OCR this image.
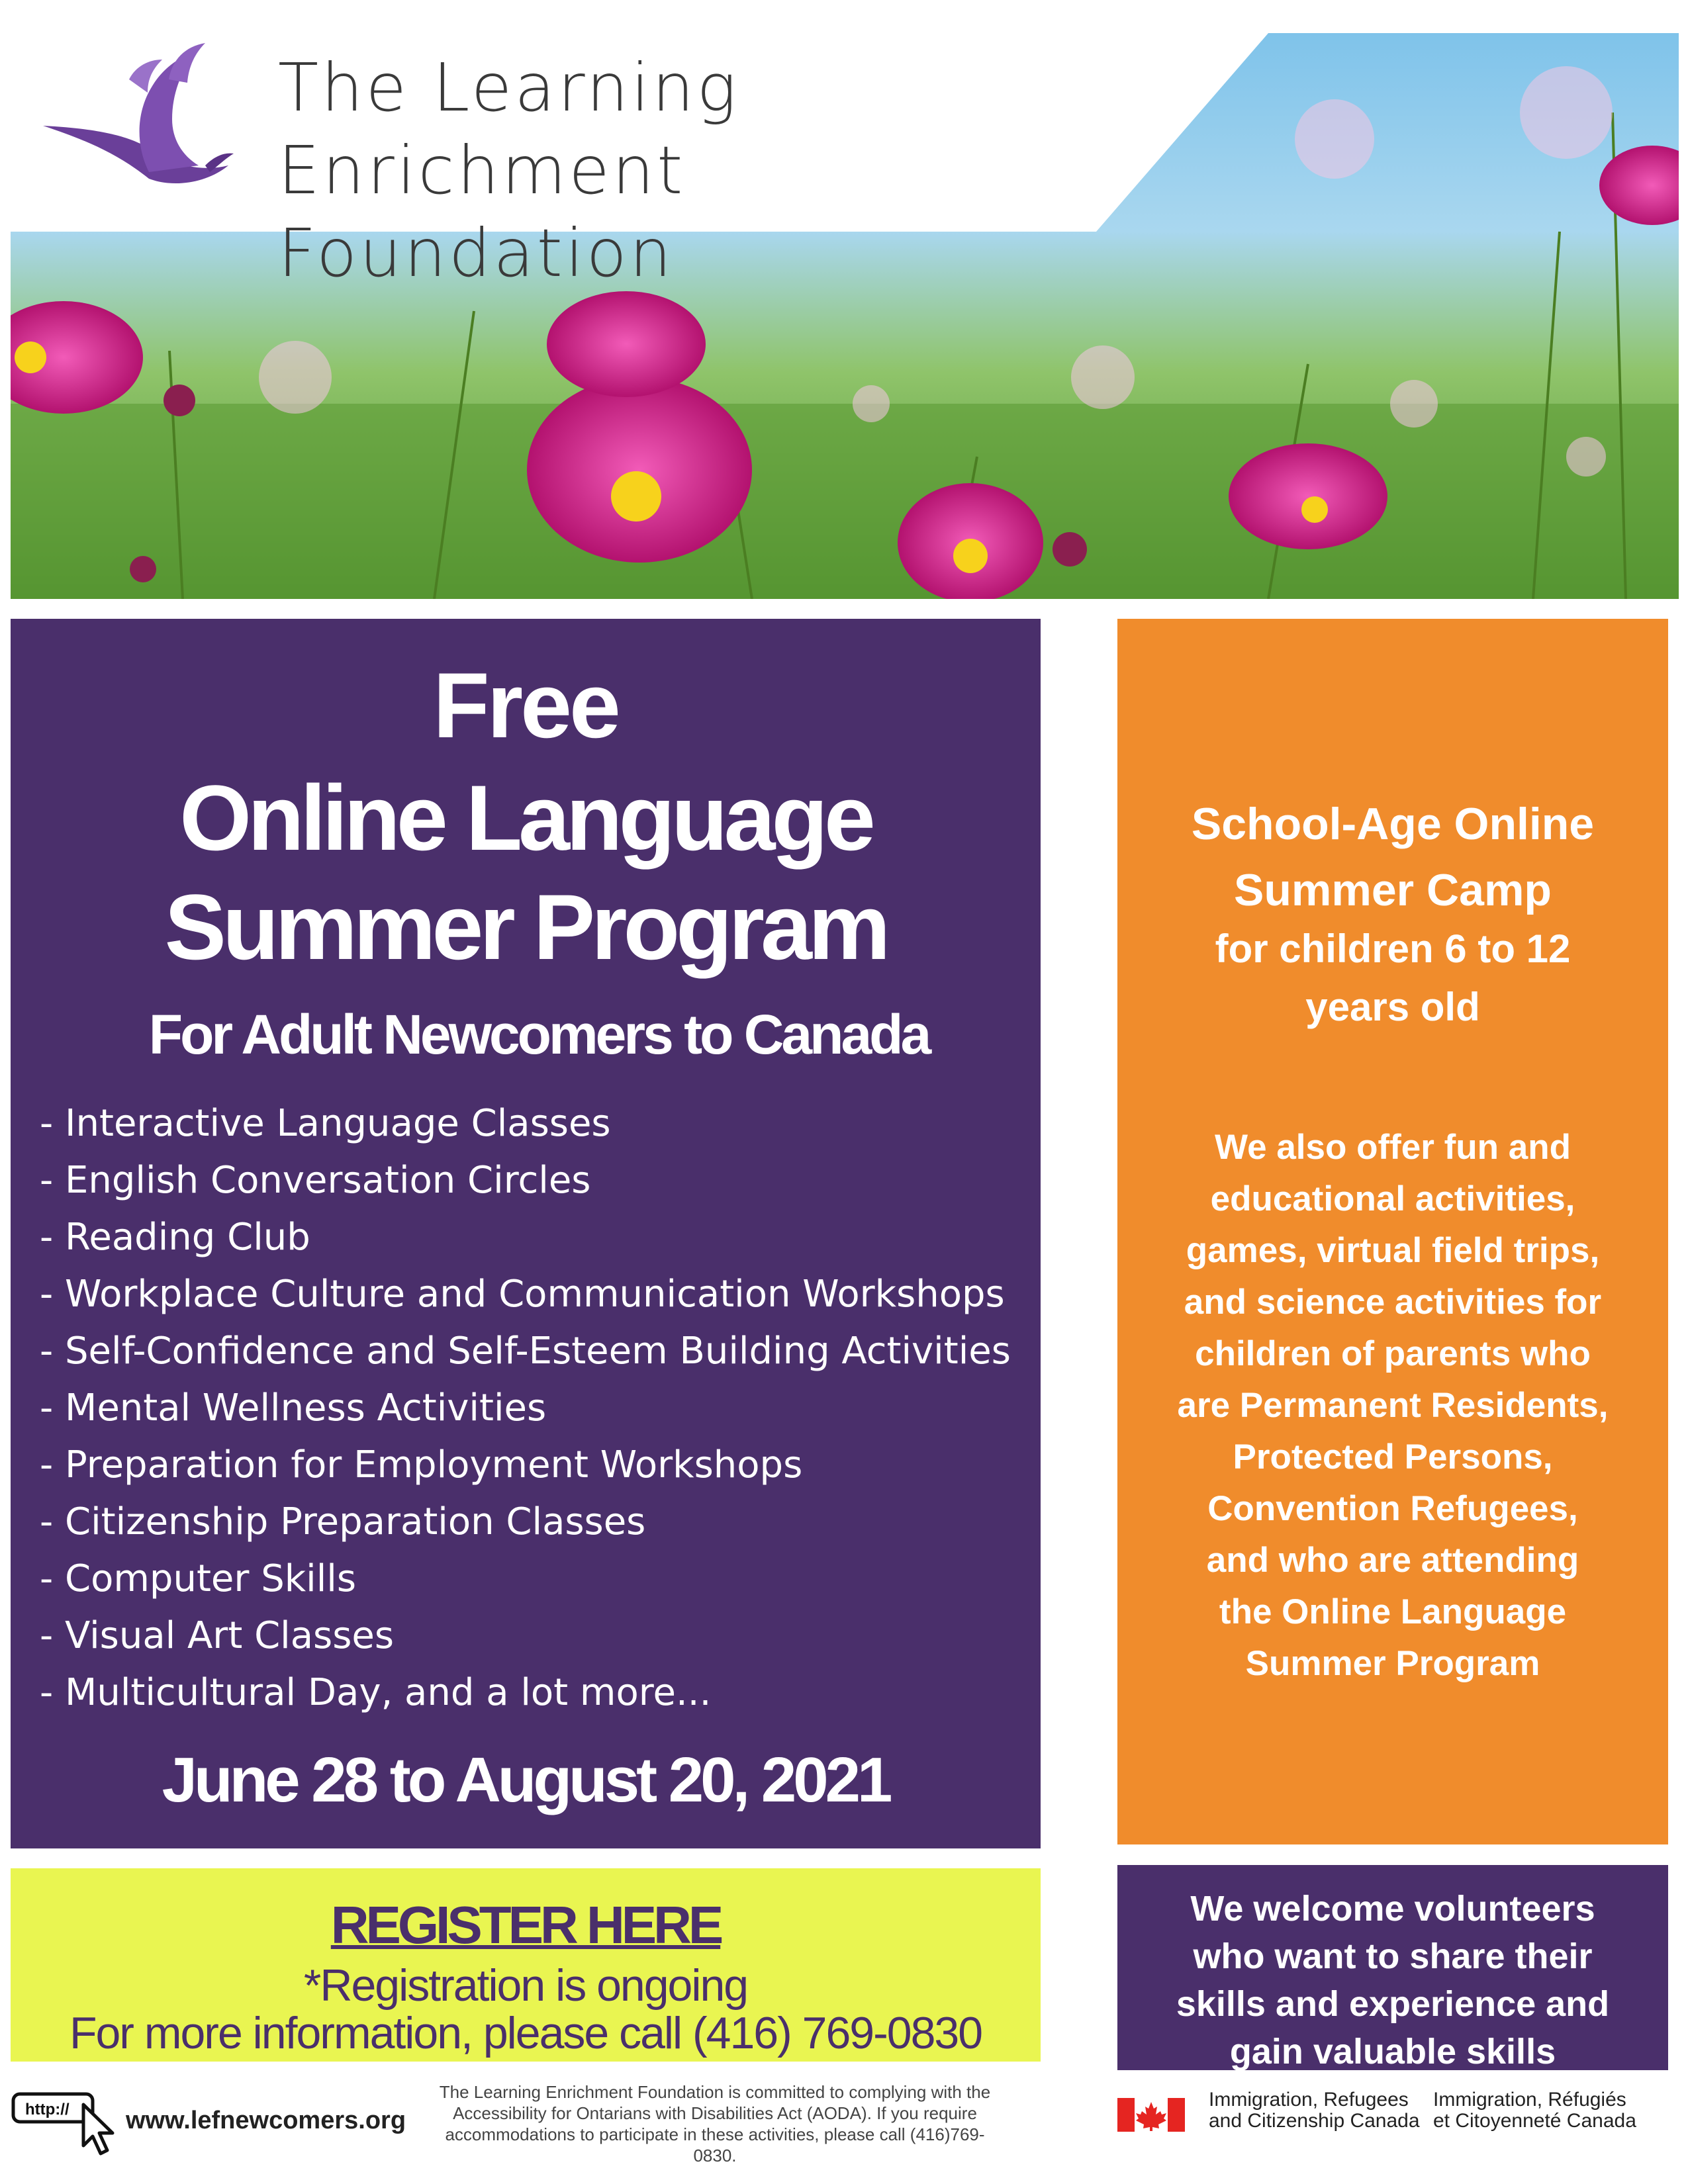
The Learning Enrichment
Foundation
Free
Online Language
Summer Program
For Adult Newcomers to Canada
- Interactive Language Classes
- English Conversation Circles
- Reading Club
- Workplace Culture and Communication Workshops
- Self-Confidence and Self-Esteem Building Activities
- Mental Wellness Activities
- Preparation for Employment Workshops
- Citizenship Preparation Classes
- Computer Skills
- Visual Art Classes
- Multicultural Day, and a lot more...
June 28 to August 20, 2021
REGISTER HERE
*Registration is ongoing
For more information, please call (416) 769-0830
School-Age Online
Summer Camp
for children 6 to 12
years old
We also offer fun and
educational activities,
games, virtual field trips,
and science activities for
children of parents who
are Permanent Residents,
Protected Persons,
Convention Refugees,
and who are attending
the Online Language
Summer Program
We welcome volunteers
who want to share their
skills and experience and
gain valuable skills
http:// www.lefnewcomers.org
The Learning Enrichment Foundation is committed to complying with the
Accessibility for Ontarians with Disabilities Act (AODA). If you require
accommodations to participate in these activities, please call (416)769-0830.
Immigration, Refugees
and Citizenship Canada
Immigration, Réfugiés
et Citoyenneté Canada
